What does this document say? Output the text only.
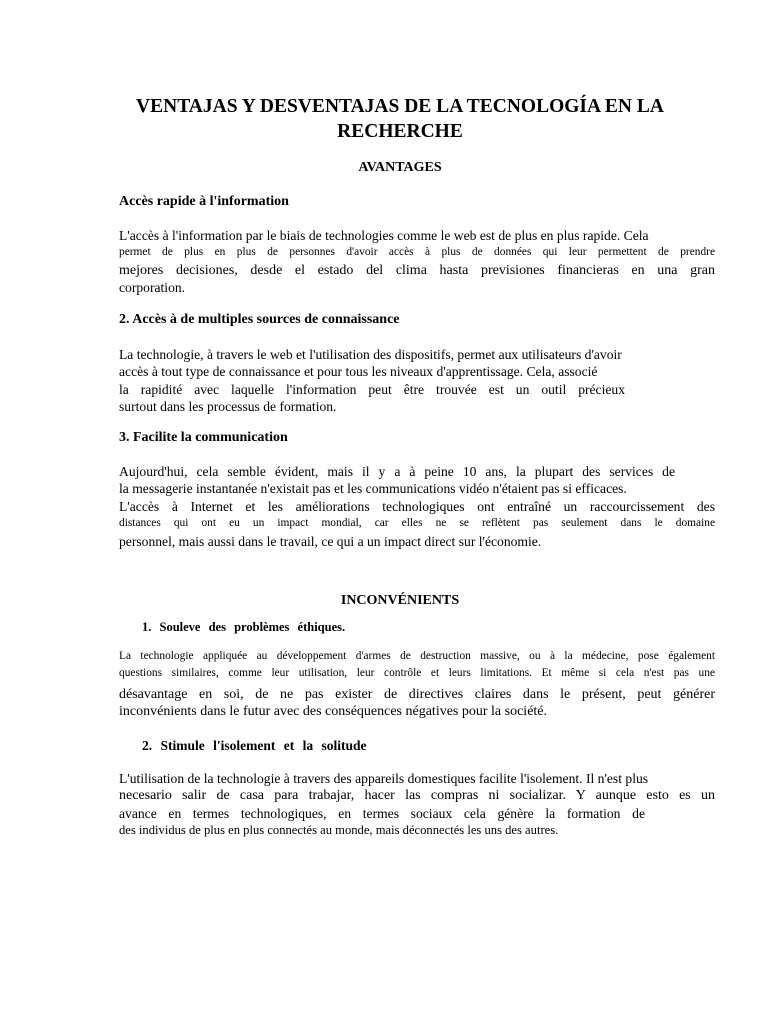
VENTAJAS Y DESVENTAJAS DE LA TECNOLOGÍA EN LA
RECHERCHE
AVANTAGES
Accès rapide à l'information
L'accès à l'information par le biais de technologies comme le web est de plus en plus rapide. Cela
permet de plus en plus de personnes d'avoir accès à plus de données qui leur permettent de prendre
mejores decisiones, desde el estado del clima hasta previsiones financieras en una gran
corporation.
2. Accès à de multiples sources de connaissance
La technologie, à travers le web et l'utilisation des dispositifs, permet aux utilisateurs d'avoir
accès à tout type de connaissance et pour tous les niveaux d'apprentissage. Cela, associé
la rapidité avec laquelle l'information peut être trouvée est un outil précieux
surtout dans les processus de formation.
3. Facilite la communication
Aujourd'hui, cela semble évident, mais il y a à peine 10 ans, la plupart des services de
la messagerie instantanée n'existait pas et les communications vidéo n'étaient pas si efficaces.
L'accès à Internet et les améliorations technologiques ont entraîné un raccourcissement des
distances qui ont eu un impact mondial, car elles ne se reflètent pas seulement dans le domaine
personnel, mais aussi dans le travail, ce qui a un impact direct sur l'économie.
INCONVÉNIENTS
1. Souleve des problèmes éthiques.
La technologie appliquée au développement d'armes de destruction massive, ou à la médecine, pose également
questions similaires, comme leur utilisation, leur contrôle et leurs limitations. Et même si cela n'est pas une
désavantage en soi, de ne pas exister de directives claires dans le présent, peut générer
inconvénients dans le futur avec des conséquences négatives pour la société.
2. Stimule l'isolement et la solitude
L'utilisation de la technologie à travers des appareils domestiques facilite l'isolement. Il n'est plus
necesario salir de casa para trabajar, hacer las compras ni socializar. Y aunque esto es un
avance en termes technologiques, en termes sociaux cela génère la formation de
des individus de plus en plus connectés au monde, mais déconnectés les uns des autres.
